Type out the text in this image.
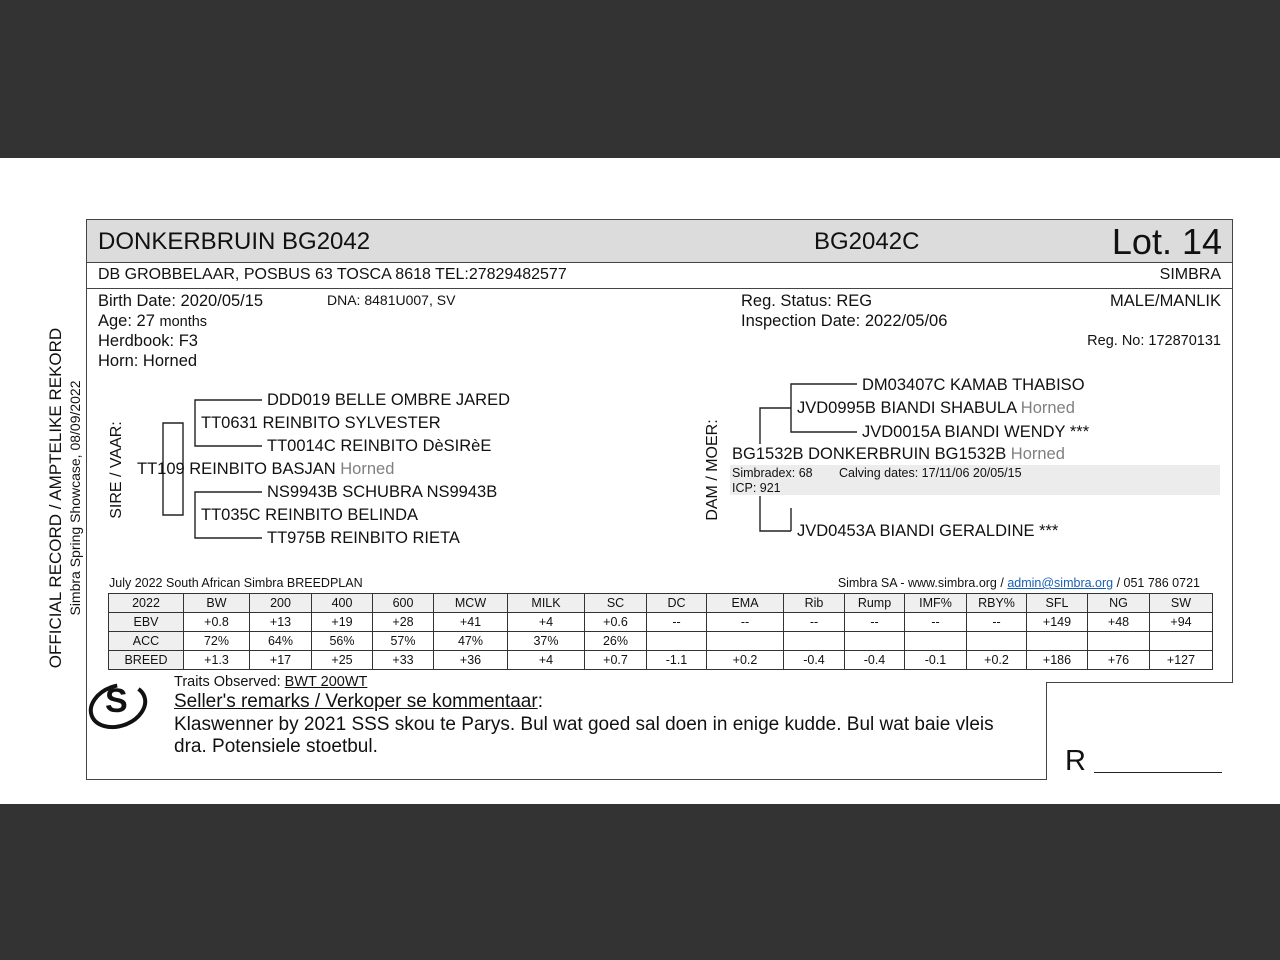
OFFICIAL RECORD / AMPTELIKE REKORD Simbra Spring Showcase, 08/09/2022
DONKERBRUIN BG2042	BG2042C	Lot. 14
DB GROBBELAAR, POSBUS 63 TOSCA 8618 TEL:27829482577	SIMBRA
Birth Date: 2020/05/15	DNA: 8481U007, SV
Age: 27 months
Herdbook: F3
Horn: Horned
Reg. Status: REG
Inspection Date: 2022/05/06
MALE/MANLIK
Reg. No: 172870131
SIRE / VAAR: TT109 REINBITO BASJAN Horned
TT0631 REINBITO SYLVESTER
DDD019 BELLE OMBRE JARED
TT0014C REINBITO DèSIRèE
TT035C REINBITO BELINDA
NS9943B SCHUBRA NS9943B
TT975B REINBITO RIETA
DAM / MOER: BG1532B DONKERBRUIN BG1532B Horned
Simbradex: 68 Calving dates: 17/11/06 20/05/15
ICP: 921
JVD0995B BIANDI SHABULA Horned
DM03407C KAMAB THABISO
JVD0015A BIANDI WENDY ***
JVD0453A BIANDI GERALDINE ***
July 2022 South African Simbra BREEDPLAN	Simbra SA - www.simbra.org / admin@simbra.org / 051 786 0721
2022	BW	200	400	600	MCW	MILK	SC	DC	EMA	Rib	Rump	IMF%	RBY%	SFL	NG	SW
EBV	+0.8	+13	+19	+28	+41	+4	+0.6	--	--	--	--	--	--	+149	+48	+94
ACC	72%	64%	56%	57%	47%	37%	26%									
BREED	+1.3	+17	+25	+33	+36	+4	+0.7	-1.1	+0.2	-0.4	-0.4	-0.1	+0.2	+186	+76	+127
S	Traits Observed: BWT 200WT
Seller's remarks / Verkoper se kommentaar:
Klaswenner by 2021 SSS skou te Parys. Bul wat goed sal doen in enige kudde. Bul wat baie vleis
dra. Potensiele stoetbul.	R
